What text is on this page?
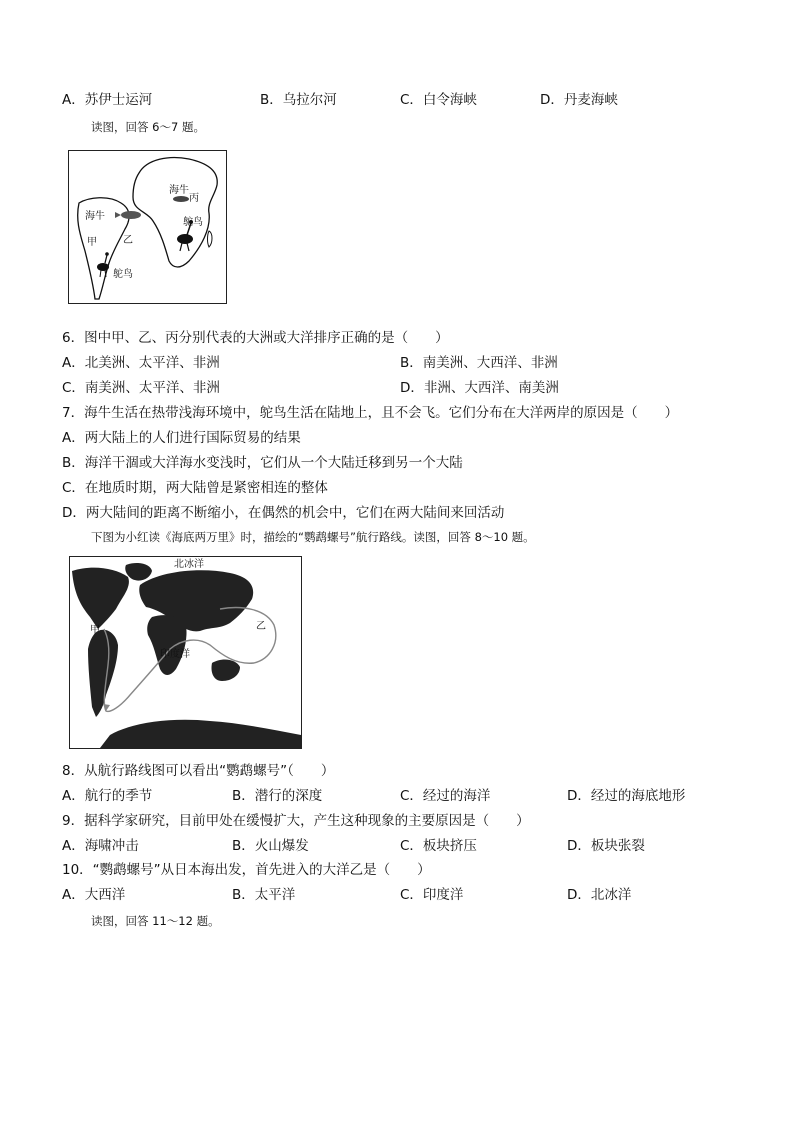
A．苏伊士运河	B．乌拉尔河	C．白令海峡	D．丹麦海峡
读图，回答 6～7 题。
海牛
丙
海牛
鸵鸟
甲	乙
鸵鸟
6．图中甲、乙、丙分别代表的大洲或大洋排序正确的是（　　）
A．北美洲、太平洋、非洲	B．南美洲、大西洋、非洲
C．南美洲、太平洋、非洲	D．非洲、大西洋、南美洲
7．海牛生活在热带浅海环境中，鸵鸟生活在陆地上，且不会飞。它们分布在大洋两岸的原因是（　　）
A．两大陆上的人们进行国际贸易的结果
B．海洋干涸或大洋海水变浅时，它们从一个大陆迁移到另一个大陆
C．在地质时期，两大陆曾是紧密相连的整体
D．两大陆间的距离不断缩小，在偶然的机会中，它们在两大陆间来回活动
下图为小红读《海底两万里》时，描绘的“鹦鹉螺号”航行路线。读图，回答 8～10 题。
北冰洋
甲	乙
印度洋
8．从航行路线图可以看出“鹦鹉螺号”（　　）
A．航行的季节	B．潜行的深度	C．经过的海洋	D．经过的海底地形
9．据科学家研究，目前甲处在缓慢扩大，产生这种现象的主要原因是（　　）
A．海啸冲击	B．火山爆发	C．板块挤压	D．板块张裂
10．“鹦鹉螺号”从日本海出发，首先进入的大洋乙是（　　）
A．大西洋	B．太平洋	C．印度洋	D．北冰洋
读图，回答 11～12 题。
